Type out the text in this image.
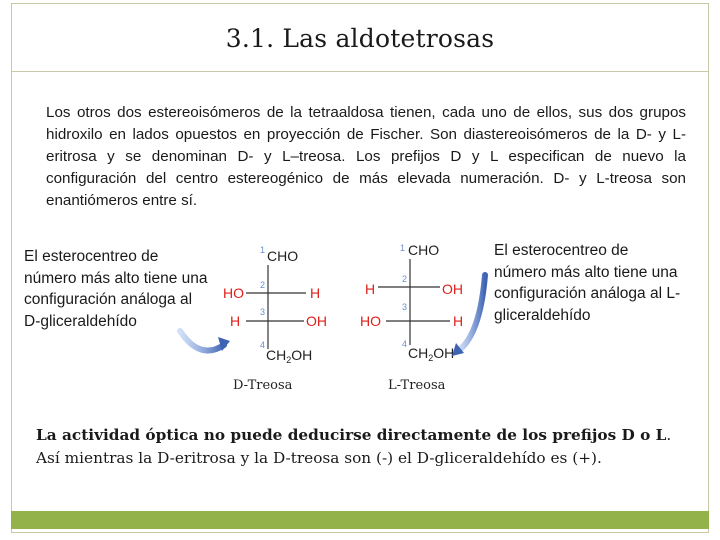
3.1. Las aldotetrosas
Los otros dos estereoisómeros de la tetraaldosa tienen, cada uno de ellos, sus dos grupos hidroxilo en lados opuestos en proyección de Fischer. Son diastereoisómeros de la D- y L-eritrosa y se denominan D- y L–treosa. Los prefijos D y L especifican de nuevo la configuración del centro estereogénico de más elevada numeración. D- y L-treosa son enantiómeros entre sí.
El esterocentreo de número más alto tiene una configuración análoga al D-gliceraldehído
El esterocentreo de número más alto tiene una configuración análoga al L-gliceraldehído
1 CHO
2
HO	H
3
H	OH
4
$CH_2OH$
D-Treosa
1 CHO
2
H	OH
3
HO	H
4
$CH_2OH$
L-Treosa
La actividad óptica no puede deducirse directamente de los prefijos D o L. Así mientras la D-eritrosa y la D-treosa son (-) el D-gliceraldehído es (+).
